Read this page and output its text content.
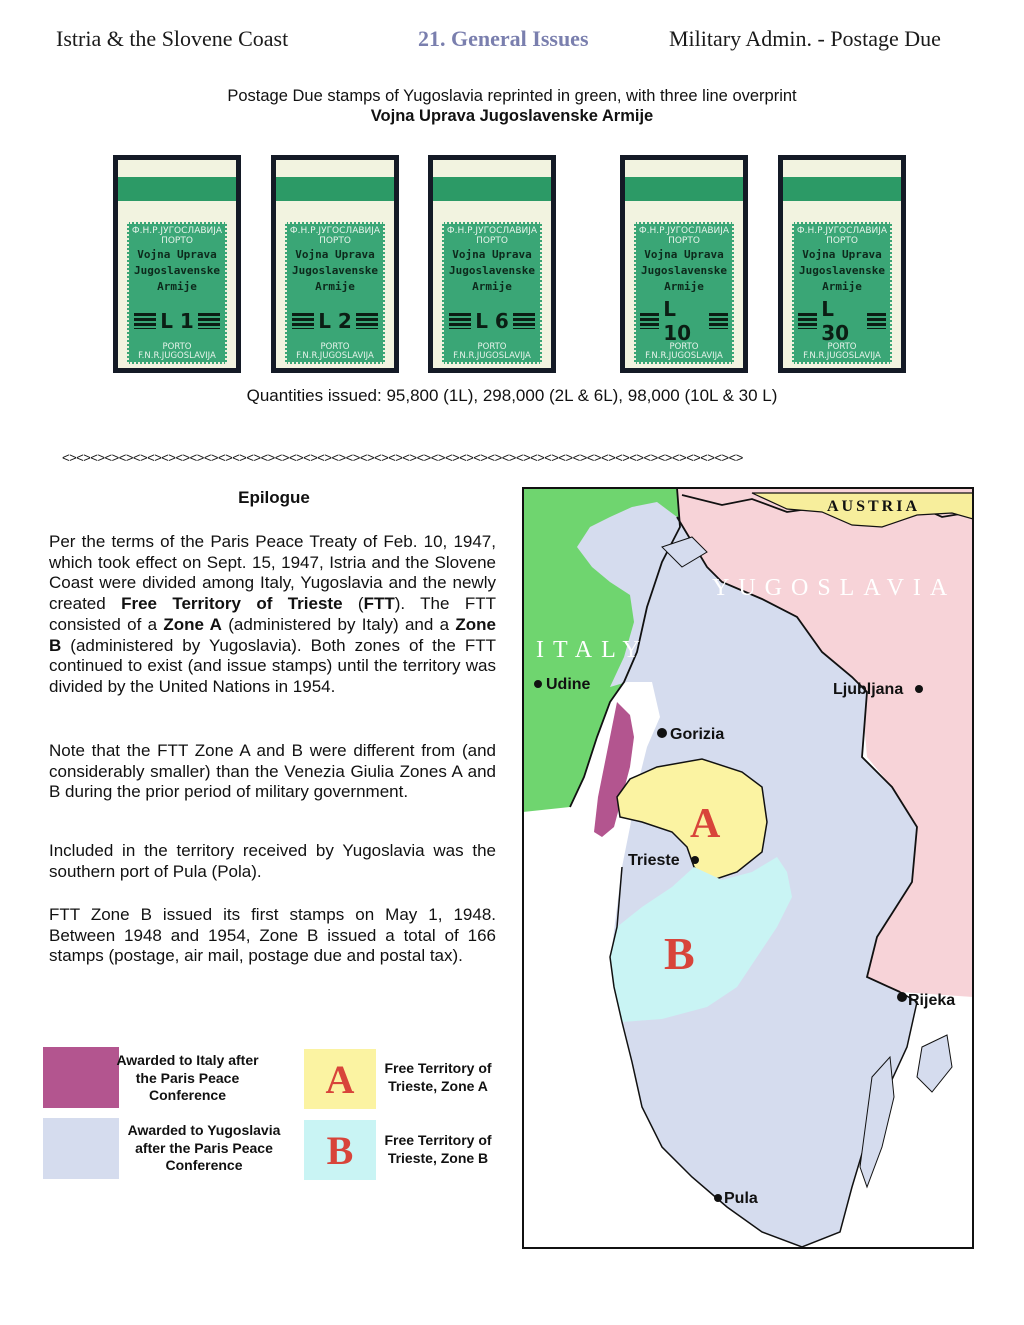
Istria & the Slovene Coast	21. General Issues	Military Admin. - Postage Due
Postage Due stamps of Yugoslavia reprinted in green, with three line overprint
Vojna Uprava Jugoslavenske Armije
Ф.Н.Р.ЈУГОСЛАВИЈА
ПОРТО
Vojna Uprava
Jugoslavenske
Armije
L 1
PORTO
F.N.R.JUGOSLAVIJA
Ф.Н.Р.ЈУГОСЛАВИЈА
ПОРТО
Vojna Uprava
Jugoslavenske
Armije
L 2
PORTO
F.N.R.JUGOSLAVIJA
Ф.Н.Р.ЈУГОСЛАВИЈА
ПОРТО
Vojna Uprava
Jugoslavenske
Armije
L 6
PORTO
F.N.R.JUGOSLAVIJA
Ф.Н.Р.ЈУГОСЛАВИЈА
ПОРТО
Vojna Uprava
Jugoslavenske
Armije
L 10
PORTO
F.N.R.JUGOSLAVIJA
Ф.Н.Р.ЈУГОСЛАВИЈА
ПОРТО
Vojna Uprava
Jugoslavenske
Armije
L 30
PORTO
F.N.R.JUGOSLAVIJA
Quantities issued: 95,800 (1L), 298,000 (2L & 6L), 98,000 (10L & 30 L)
<><><><><><><><><><><><><><><><><><><><><><><><><><><><><><><><><><><><><><><><><><><><><><><><>
Epilogue
Per the terms of the Paris Peace Treaty of Feb. 10, 1947, which took effect on Sept. 15, 1947, Istria and the Slovene Coast were divided among Italy, Yugoslavia and the newly created Free Territory of Trieste (FTT). The FTT consisted of a Zone A (administered by Italy) and a Zone B (administered by Yugoslavia). Both zones of the FTT continued to exist (and issue stamps) until the territory was divided by the United Nations in 1954.
Note that the FTT Zone A and B were different from (and considerably smaller) than the Venezia Giulia Zones A and B during the prior period of military government.
Included in the territory received by Yugoslavia was the southern port of Pula (Pola).
FTT Zone B issued its first stamps on May 1, 1948. Between 1948 and 1954, Zone B issued a total of 166 stamps (postage, air mail, postage due and postal tax).
Awarded to Italy after the Paris Peace Conference
Awarded to Yugoslavia after the Paris Peace Conference
A	Free Territory of Trieste, Zone A
B	Free Territory of Trieste, Zone B
AUSTRIA
YUGOSLAVIA
ITALY
Udine	Ljubljana
Gorizia
Trieste
Rijeka
Pula
A
B
